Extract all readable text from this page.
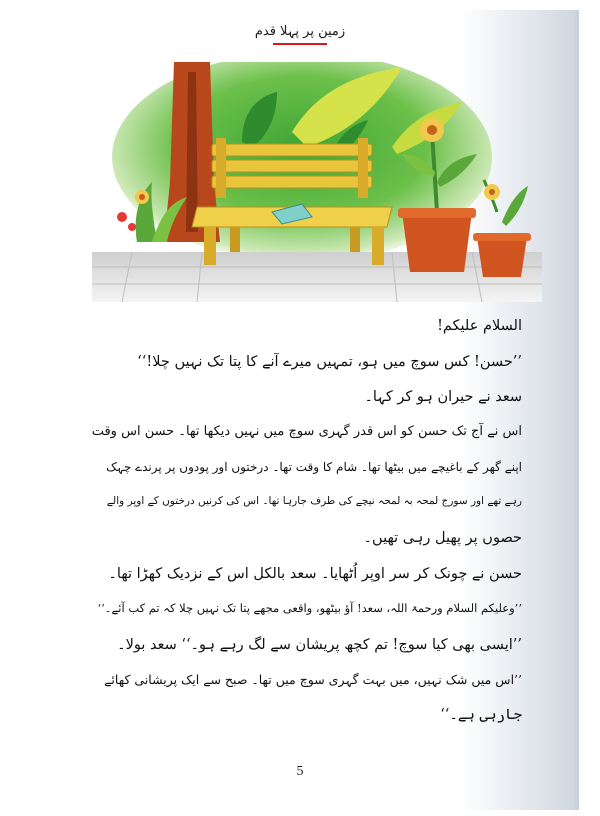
زمین پر پہلا قدم
السلام علیکم!
’’حسن! کس سوچ میں ہو، تمہیں میرے آنے کا پتا تک نہیں چلا!‘‘
سعد نے حیران ہو کر کہا۔
اس نے آج تک حسن کو اس قدر گہری سوچ میں نہیں دیکھا تھا۔ حسن اس وقت
اپنے گھر کے باغیچے میں بیٹھا تھا۔ شام کا وقت تھا۔ درختوں اور پودوں پر پرندے چہک
رہے تھے اور سورج لمحہ بہ لمحہ نیچے کی طرف جارہا تھا۔ اس کی کرنیں درختوں کے اوپر والے
حصوں پر پھیل رہی تھیں۔
حسن نے چونک کر سر اوپر اُٹھایا۔ سعد بالکل اس کے نزدیک کھڑا تھا۔
’’وعلیکم السلام ورحمۃ اللہ، سعد! آؤ بیٹھو، واقعی مجھے پتا تک نہیں چلا کہ تم کب آئے۔‘‘
’’ایسی بھی کیا سوچ! تم کچھ پریشان سے لگ رہے ہو۔‘‘ سعد بولا۔
’’اس میں شک نہیں، میں بہت گہری سوچ میں تھا۔ صبح سے ایک پریشانی کھائے
جارہی ہے۔‘‘
5
